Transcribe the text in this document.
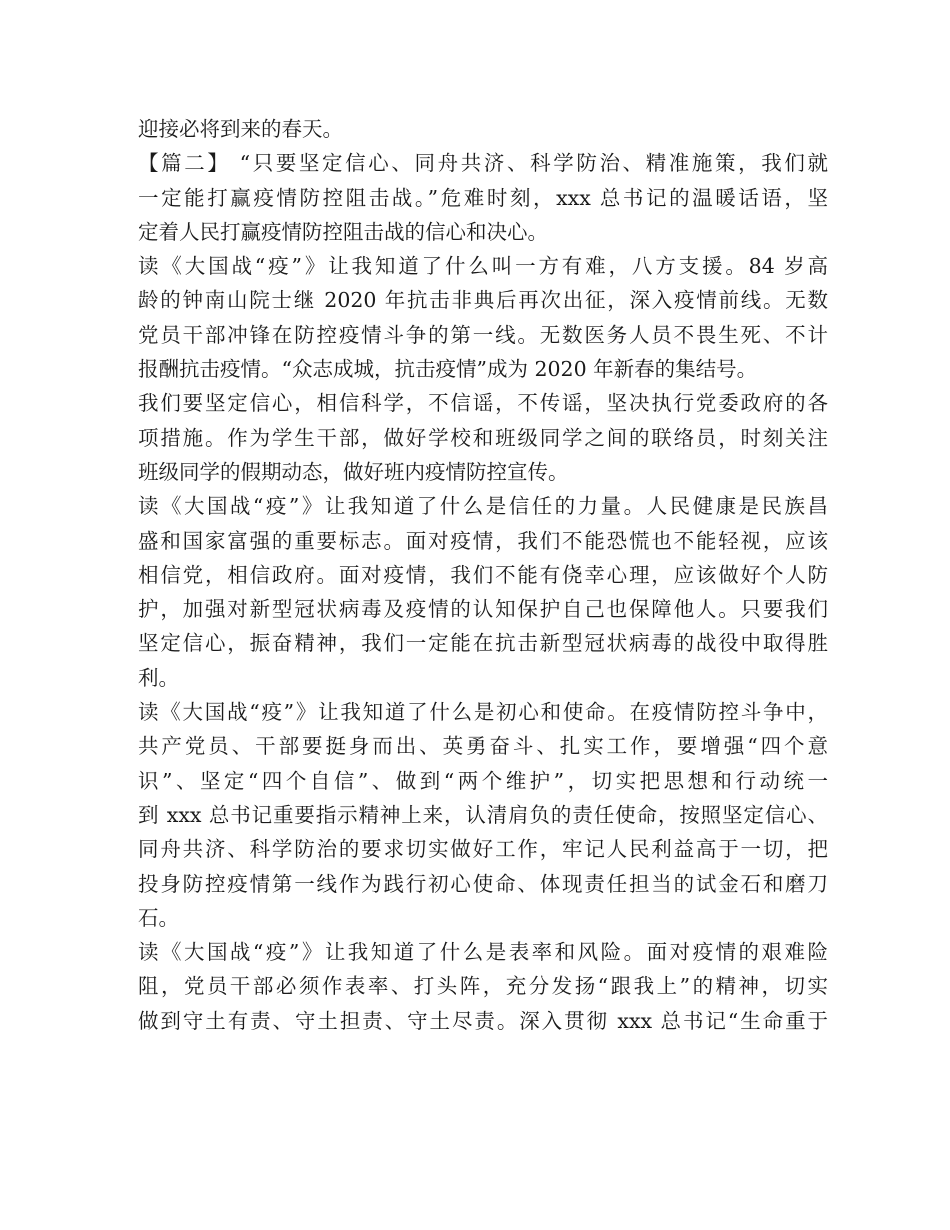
迎接必将到来的春天。
【篇二】 “只要坚定信心、同舟共济、科学防治、精准施策，我们就
一定能打赢疫情防控阻击战。”危难时刻，xxx 总书记的温暖话语，坚
定着人民打赢疫情防控阻击战的信心和决心。
读《大国战“疫”》让我知道了什么叫一方有难，八方支援。84 岁高
龄的钟南山院士继 2020 年抗击非典后再次出征，深入疫情前线。无数
党员干部冲锋在防控疫情斗争的第一线。无数医务人员不畏生死、不计
报酬抗击疫情。“众志成城，抗击疫情”成为 2020 年新春的集结号。
我们要坚定信心，相信科学，不信谣，不传谣，坚决执行党委政府的各
项措施。作为学生干部，做好学校和班级同学之间的联络员，时刻关注
班级同学的假期动态，做好班内疫情防控宣传。
读《大国战“疫”》让我知道了什么是信任的力量。人民健康是民族昌
盛和国家富强的重要标志。面对疫情，我们不能恐慌也不能轻视，应该
相信党，相信政府。面对疫情，我们不能有侥幸心理，应该做好个人防
护，加强对新型冠状病毒及疫情的认知保护自己也保障他人。只要我们
坚定信心，振奋精神，我们一定能在抗击新型冠状病毒的战役中取得胜
利。
读《大国战“疫”》让我知道了什么是初心和使命。在疫情防控斗争中，
共产党员、干部要挺身而出、英勇奋斗、扎实工作，要增强“四个意
识”、坚定“四个自信”、做到“两个维护”，切实把思想和行动统一
到 xxx 总书记重要指示精神上来，认清肩负的责任使命，按照坚定信心、
同舟共济、科学防治的要求切实做好工作，牢记人民利益高于一切，把
投身防控疫情第一线作为践行初心使命、体现责任担当的试金石和磨刀
石。
读《大国战“疫”》让我知道了什么是表率和风险。面对疫情的艰难险
阻，党员干部必须作表率、打头阵，充分发扬“跟我上”的精神，切实
做到守土有责、守土担责、守土尽责。深入贯彻 xxx 总书记“生命重于
